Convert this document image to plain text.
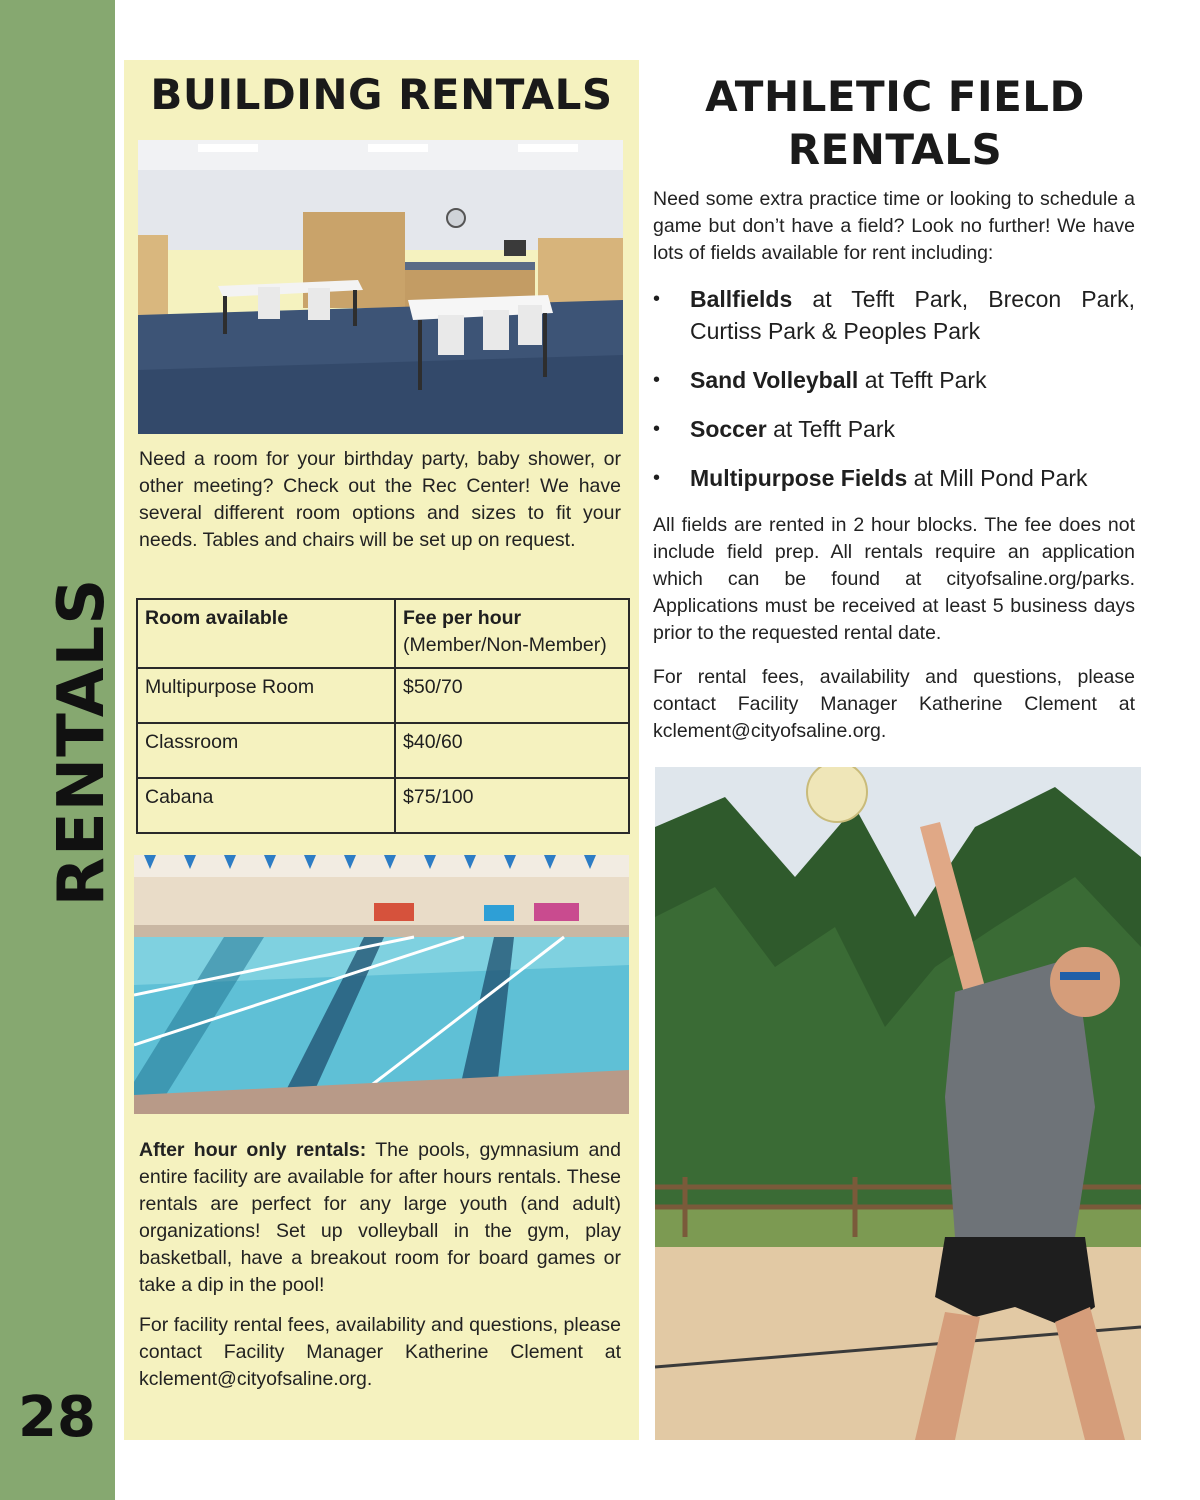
RENTALS
28
BUILDING RENTALS

Need a room for your birthday party, baby shower, or other meeting? Check out the Rec Center! We have several different room options and sizes to fit your needs. Tables and chairs will be set up on request.

Room available	Fee per hour
(Member/Non-Member)

Multipurpose Room	$50/70
Classroom	$40/60
Cabana	$75/100

After hour only rentals: The pools, gymnasium and entire facility are available for after hours rentals. These rentals are perfect for any large youth (and adult) organizations! Set up volleyball in the gym, play basketball, have a breakout room for board games or take a dip in the pool!

For facility rental fees, availability and questions, please contact Facility Manager Katherine Clement at kclement@cityofsaline.org.

ATHLETIC FIELD
RENTALS

Need some extra practice time or looking to schedule a game but don’t have a field? Look no further! We have lots of fields available for rent including:

• Ballfields at Tefft Park, Brecon Park, Curtiss Park & Peoples Park
• Sand Volleyball at Tefft Park
• Soccer at Tefft Park
• Multipurpose Fields at Mill Pond Park

All fields are rented in 2 hour blocks. The fee does not include field prep. All rentals require an application which can be found at cityofsaline.org/parks. Applications must be received at least 5 business days prior to the requested rental date.

For rental fees, availability and questions, please contact Facility Manager Katherine Clement at kclement@cityofsaline.org.
